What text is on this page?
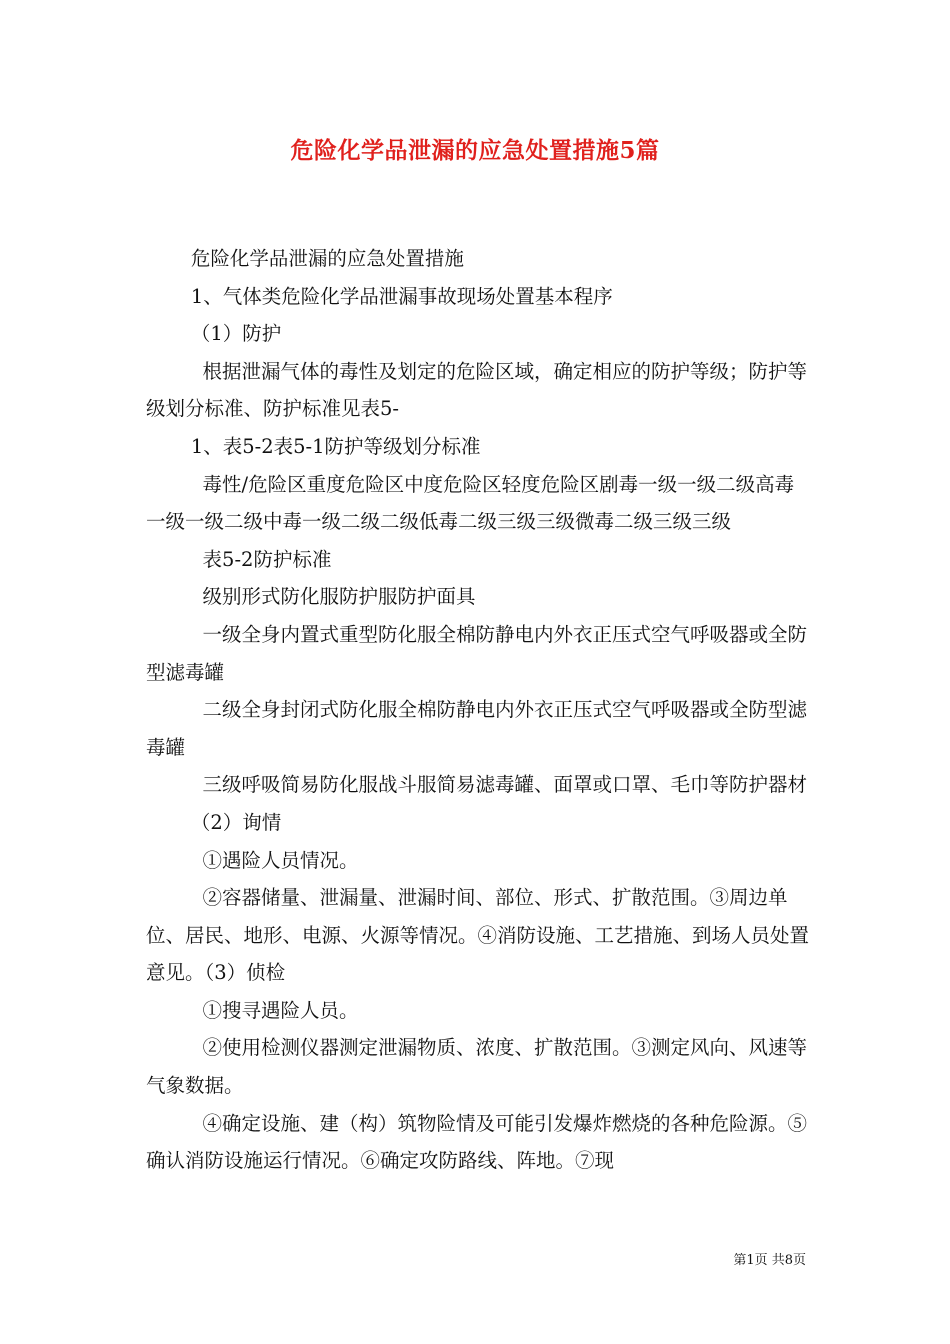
危险化学品泄漏的应急处置措施5篇

危险化学品泄漏的应急处置措施

1、气体类危险化学品泄漏事故现场处置基本程序

（1）防护

根据泄漏气体的毒性及划定的危险区域，确定相应的防护等级；防护等级划分标准、防护标准见表5-

1、表5-2表5-1防护等级划分标准

毒性/危险区重度危险区中度危险区轻度危险区剧毒一级一级二级高毒一级一级二级中毒一级二级二级低毒二级三级三级微毒二级三级三级

表5-2防护标准

级别形式防化服防护服防护面具

一级全身内置式重型防化服全棉防静电内外衣正压式空气呼吸器或全防型滤毒罐

二级全身封闭式防化服全棉防静电内外衣正压式空气呼吸器或全防型滤毒罐

三级呼吸简易防化服战斗服简易滤毒罐、面罩或口罩、毛巾等防护器材

（2）询情

①遇险人员情况。

②容器储量、泄漏量、泄漏时间、部位、形式、扩散范围。③周边单位、居民、地形、电源、火源等情况。④消防设施、工艺措施、到场人员处置意见。（3）侦检

①搜寻遇险人员。

②使用检测仪器测定泄漏物质、浓度、扩散范围。③测定风向、风速等气象数据。

④确定设施、建（构）筑物险情及可能引发爆炸燃烧的各种危险源。⑤确认消防设施运行情况。⑥确定攻防路线、阵地。⑦现

第1页 共8页
